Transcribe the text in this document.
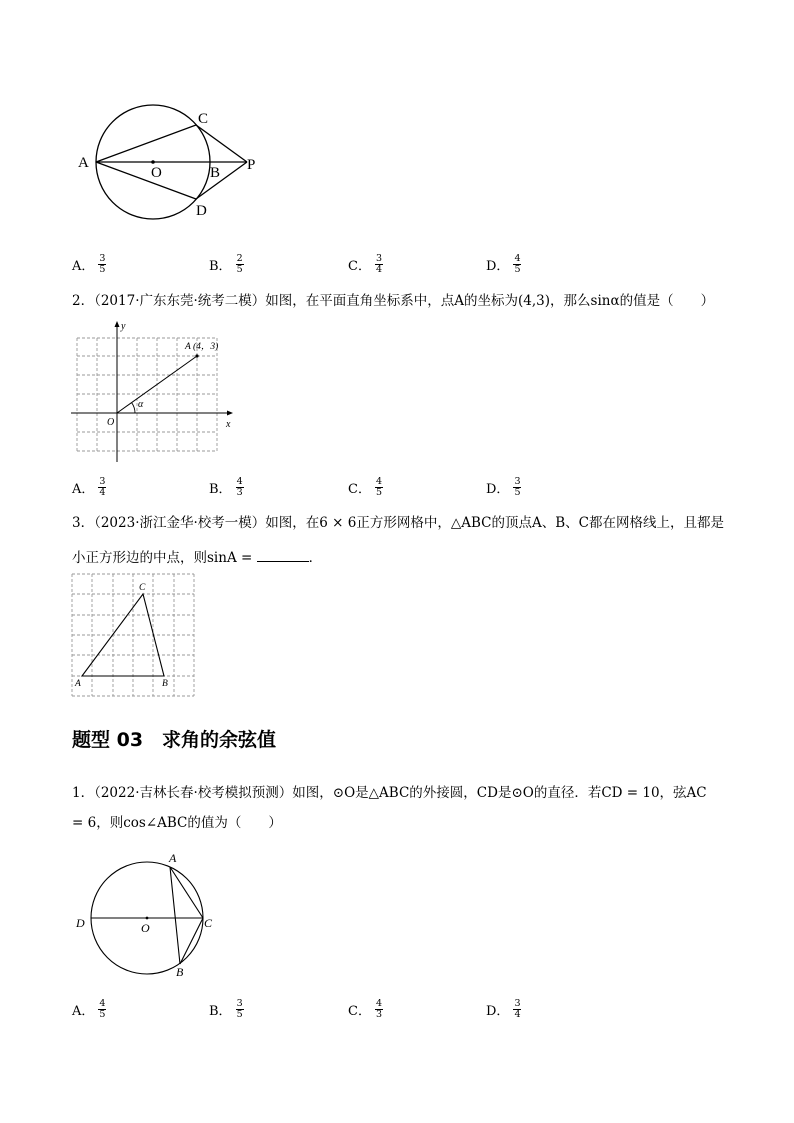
A
C
O	B P
D
A． $\frac{3}{5}$	B． $\frac{2}{5}$	C． $\frac{3}{4}$	D． $\frac{4}{5}$
2．（2017·广东东莞·统考二模）如图，在平面直角坐标系中，点A的坐标为(4,3)，那么sinα的值是（　　）
y
x
O
A (4，3)
α
A． $\frac{3}{4}$	B． $\frac{4}{3}$	C． $\frac{4}{5}$	D． $\frac{3}{5}$
3．（2023·浙江金华·校考一模）如图，在6 × 6正方形网格中，△ABC的顶点A、B、C都在网格线上，且都是
小正方形边的中点，则sinA =	．
C
A	B
题型 03　求角的余弦值
1．（2022·吉林长春·校考模拟预测）如图，⊙O是△ABC的外接圆，CD是⊙O的直径．若CD = 10，弦AC
= 6，则cos∠ABC的值为（　　）
A
D	O	C
B
A． $\frac{4}{5}$	B． $\frac{3}{5}$	C． $\frac{4}{3}$	D． $\frac{3}{4}$
